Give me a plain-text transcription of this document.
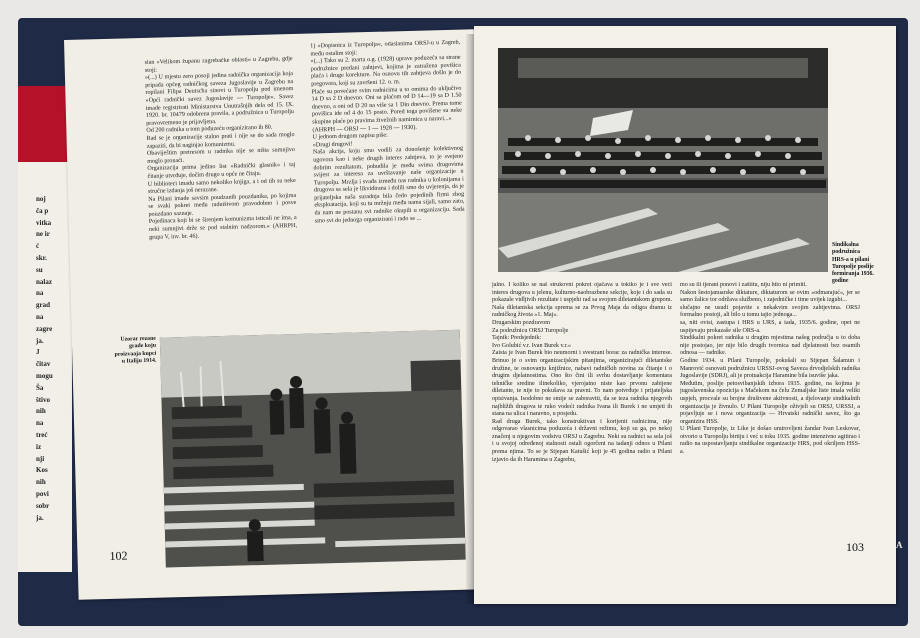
noj
ča p
vitka
ne ir
ć
skr.
su
nalaz
na
grad
na
zagre
ja.
J
čitav
mogu
Ša
štivo
nih
na
treć
iz
nji
Kos
nih
povi
sobr
ja.
slan »Velikom županu zagrebačke oblasti« u Zagrebu, gdje stoji:
»(...) U mjestu zero posoji jedina radnička organizacija koja pripada općeg radničkog saveza Jugoslavije u Zagrebu na ropilani Filipa Deutscha sinovi u Turopolju pod imenom »Opći radnički savez Jugoslavije — Turopolje«. Savez imade registrirati Ministarstva Unutrašnjih dela od 15. IX. 1920. br. 10479 odobrena pravila, a podružnica u Turopolju pravovremeno je prijavljena.
Od 200 radnika u tom poduzeću organizirano ih 80.
Rad se je organizacije stalno prati i nije se do sada moglo zapaziti, da bi naginjao komunizmu.
Obaviještim pretresom u radnika nije se ništa sumnjivo moglo pronaći.
Organizacija prima jedino list »Radnički glasnik« i taj čitanje utvrđuje, dočim drugo u opće ne čitaju.
U biblioteci imadu samo nekoliko knjiga, a i od tih su neke stručne izdanja još nerazane.
Na Pilani imade savsim poudzanih pouzdanika, po kojima se svaki pokret među radništvom pravodobno i posve pouzdano saznaje.
Pojedinaca koji bi se širenjem komunizma isticali ne ima, a neki sumnjivi drže se pod stalnim nadzorom.« (AHRPH, grupa V, inv. br. 46).
1) »Dopisnica iz Turopolja«, odaslanima ORSJ-u u Zagreb, među ostalim stoji:
»(...) Tako su 2. marta o.g. (1928) uprave poduzeća sa strane podružnice predani zahtjevi, kojima je zatražena povišica plaća i druge korekture. Na osnovu tih zahtjeva došlo je do pregovora, koji su završeni 12. o. m.
Plaće su povećane svim radnicima u to omima do uključivo 14 D sa 2 D dnevno. Oni sa plaćom od D 14—19 sa D 1.50 dnevno, a oni od D 20 na više sa 1 Din dnevno. Prema tome povišica ide od 4 do 15 posto. Pored toga povišene su neke skupine plaće po pravima živežnih namirnica u naravi...«
(AHRPH — ORSJ — 1 — 1928 — 1930).
U jednom drugom napisu piše:
»Drugi drugovi!
Naša akcija, koju smo vodili za donošenje kolektivnog ugovora kao i neke drugih interes zahtjeva, to je svejeno dobrim rezultatom, pobudila je među svima drugovima svijest za interesa za uvrštavanje naše organizacije u Turopolju. Mrzlja i svađa između nas radnika u kolonijama i drugova sa sela je likvidirana i dolili smo do uvjerenja, da je prijateljska naša suradnja bila čedo pojedinih firmi zbog eksploatacija, koji su tu mržnju među nama sijali, samo zato, da nam ne postanu svi radnike okupili u organizaciju. Sada smo svi do jednoga organizirani i rado se ...
Uzorar rezane
grade koju
proizvaaja kupci
u Italiju 1914.
102
Sindikalna
podružnica
HRS-a u pilani
Turopolje poslije
formiranja 1936.
godine
jalno. I koliko se naš strukovni pokret ojačava u tokiko je i sve veći interes drugova u jelenu, kulturno-naobrazbene sekcije, koje i do sada su pokazale vidljivih rezultate i uspjehi rad sa svojom diletantskom grupom. Naša diletantska sekcija sprema se za Prvog Maja da odigra dramu iz radničkog života »1. Maj«.
Drugarskim pozdravom
Za podružnicu ORSJ Turopolje
Tajnik: Predsjednik:
Ivo Golubić v.r. Ivan Burek v.r.«
Zaista je Ivan Burek bio neumorni i svestrani borac za radnička interese. Brinuo je o svim organizacijskim pitanjima, organizirajući diletantske družine, te osnovanju knjižnice, nabavi radničkih novina za čitanje i o drugim djelatnostima. Ono što čini ili svrhu dostavljanje komentara tehničke sredine ilinekoliko, vjerojatno niste kao prvonu zabijene diletante, te nije to pokušava za pravni. To nam potvrđuje i prijateljska opisivanja. Isodobno ne smije se zaboraviti, da se teza radnika njegovih najbližih drugova te ruko vodeći radnika Ivana ili Burek i ne umjeti ih stana na ulica i naravno, u posjedu.
Rad druga Burek, tako konstruktivan i korijenit radnicima, nije odgovarao vlasnicima poduzeća i državni režimu, koji su ga, po nekoj značenj u njegovim vodstvu ORSJ u Zagrebu. Neki su radnici sa sela još i u svojoj određenoj stalnosti ostali ogorčeni na tadanji odnos u Pilani prema njima. To se je Stjepan Katušić koji je 45 godina radio u Pilani izjavio da ih Haramina u Zagrebu,
mo su ili tjerani ponovi i zaštitu, niju htio ni primiti.
Nakon šestojanuarske diktature, diktaturom se ovim »odmarajuć«, jer se samo žalice tor održava službeno, i zajedničke i time uvijek izgubi...
slučajno ne usudi pojavite s nekakvim svojim zahtjevima. ORSJ formalno postoji, ali bilo u tomu tajio jednoga...
sa, niti ovisi, zastupa i HRS u URS, a tada, 1935/6. godine, opet ne uspijevaju prokazaše sile ORS-a.
Sindikalni pokret radnika u drugim mjestima našeg područja u to doba nije postojao, jer nije bilo drugih tvornica nad djelatnosti bez osamih odnosa — radnike.
Godine 1934. u Pilani Turopolje, pokušali su Stjepan Šalamun i Manrović osnovati podružnicu URSSJ-ovog Saveza drvodjelskih radnika Jugoslavije (SDRJ), ali je protuakcija Haramine bila isuviše jaka.
Međutim, poslije petosvibanjskih izbora 1935. godine, na kojima je jugoslavenska opozicija s Mačekom na čelu Zemaljske liste imala veliki uspjeh, procvale su brojne društvene aktivnosti, a djelovanje sindikalnih organizacija je živnulo. U Pilani Turopolje oživjeli su ORSJ, URSSJ, a pojavljuje se i nova organizacija — Hrvatski radnički savez, što ga organizira HSS.
U Pilani Turopolje, iz Like je došao umirovljeni žandar Ivan Leskovar, otvorio u Turopolju birtiju i već u toku 1935. godine intenzivno agitirao i radio na uspostavljanju sindikalne organizacije HRS, pod okriljem HSS-a.
103	A
